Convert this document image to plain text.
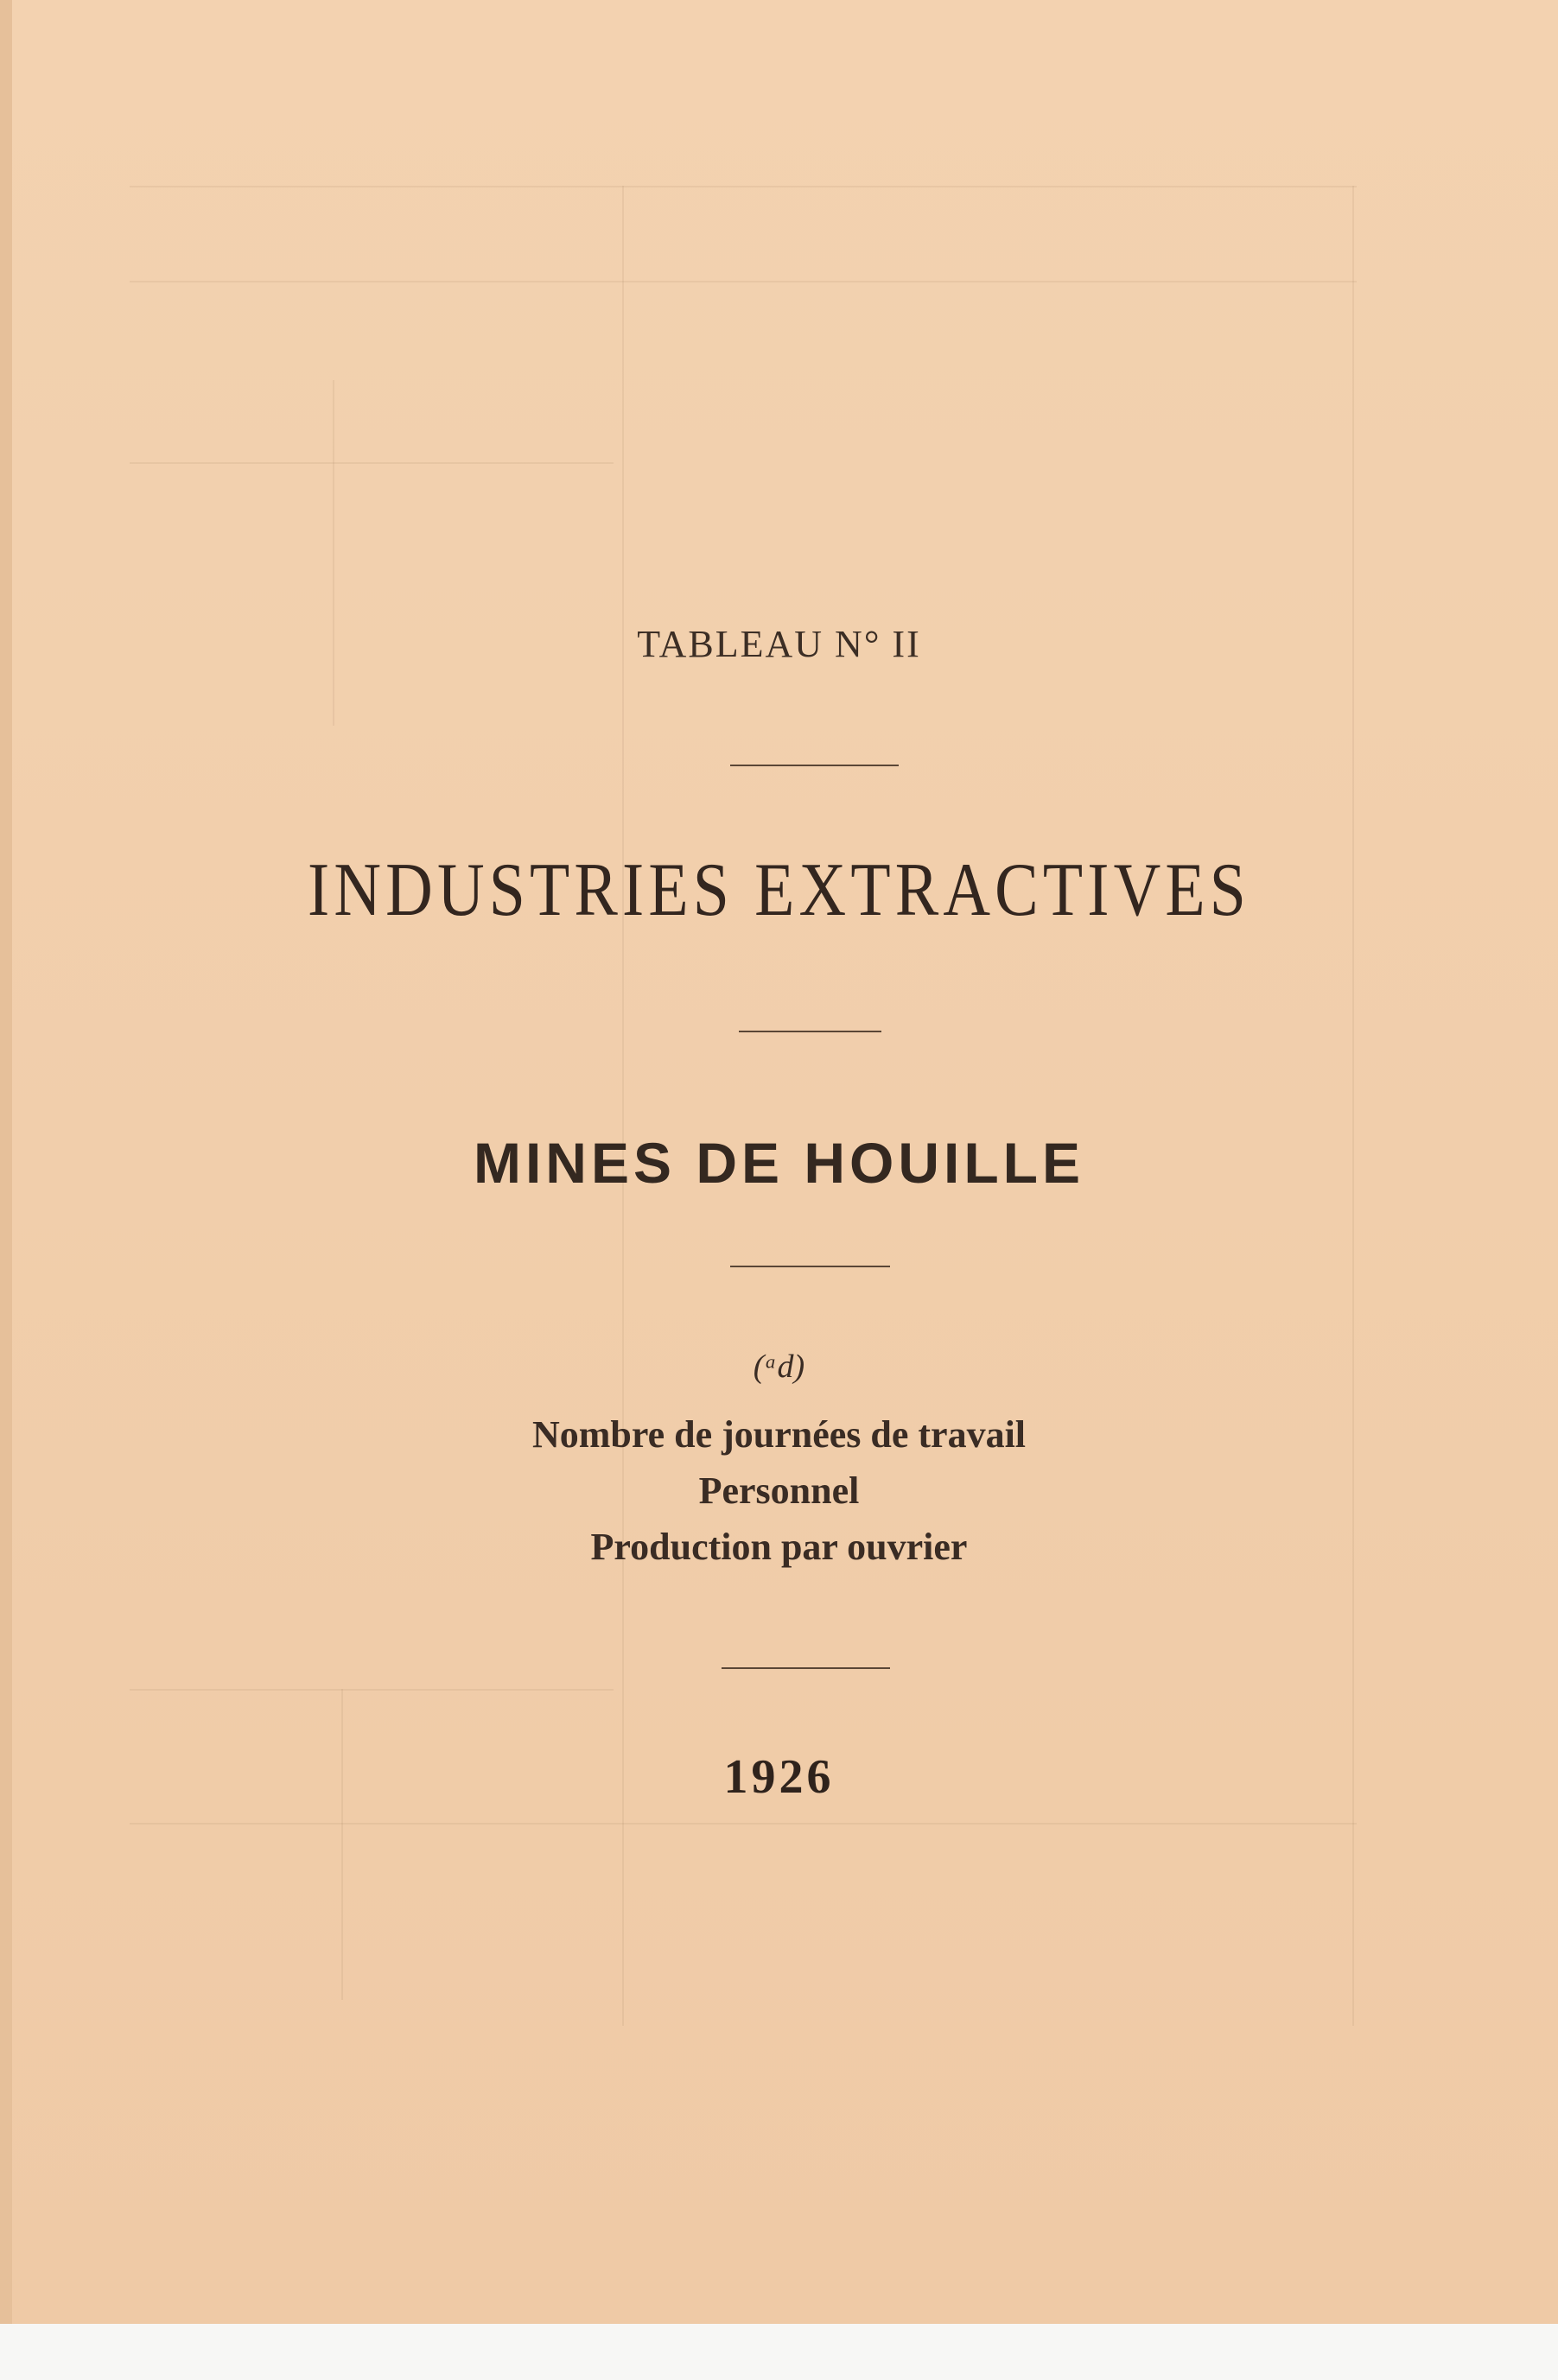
TABLEAU N° II
INDUSTRIES EXTRACTIVES
MINES DE HOUILLE
(ᵃd)
Nombre de journées de travail
Personnel
Production par ouvrier
1926
